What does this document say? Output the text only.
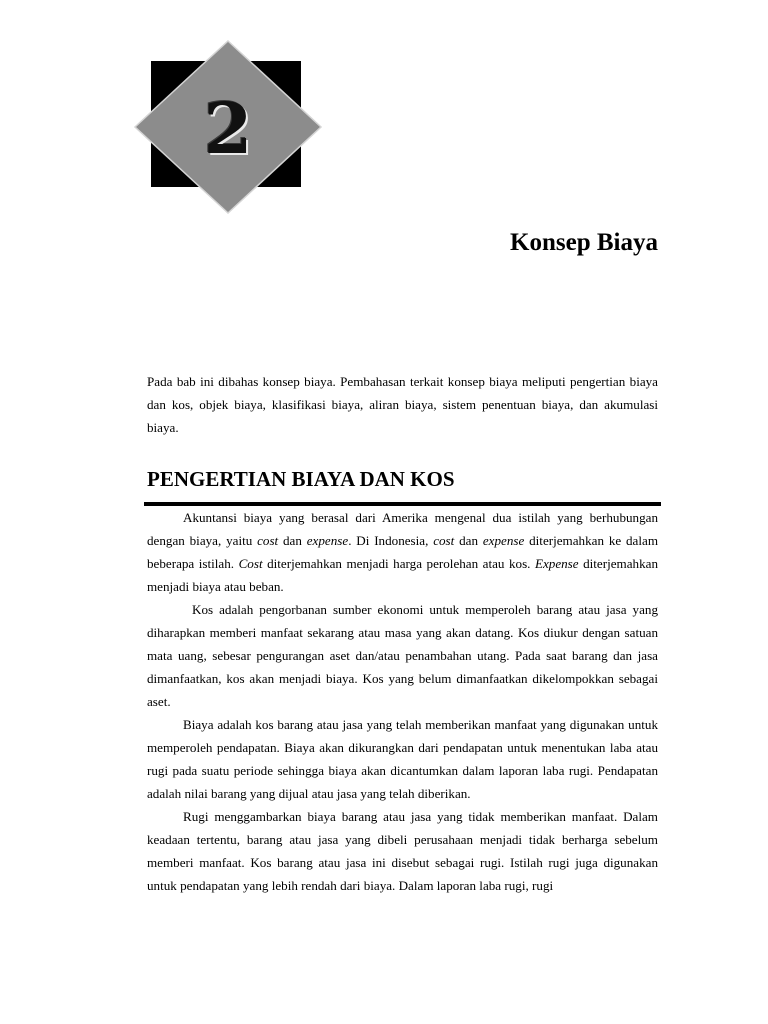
2
Konsep Biaya

Pada bab ini dibahas konsep biaya. Pembahasan terkait konsep biaya meliputi pengertian biaya dan kos, objek biaya, klasifikasi biaya, aliran biaya, sistem penentuan biaya, dan akumulasi biaya.

PENGERTIAN BIAYA DAN KOS

Akuntansi biaya yang berasal dari Amerika mengenal dua istilah yang berhubungan dengan biaya, yaitu cost dan expense. Di Indonesia, cost dan expense diterjemahkan ke dalam beberapa istilah. Cost diterjemahkan menjadi harga perolehan atau kos. Expense diterjemahkan menjadi biaya atau beban.

Kos adalah pengorbanan sumber ekonomi untuk memperoleh barang atau jasa yang diharapkan memberi manfaat sekarang atau masa yang akan datang. Kos diukur dengan satuan mata uang, sebesar pengurangan aset dan/atau penambahan utang. Pada saat barang dan jasa dimanfaatkan, kos akan menjadi biaya. Kos yang belum dimanfaatkan dikelompokkan sebagai aset.

Biaya adalah kos barang atau jasa yang telah memberikan manfaat yang digunakan untuk memperoleh pendapatan. Biaya akan dikurangkan dari pendapatan untuk menentukan laba atau rugi pada suatu periode sehingga biaya akan dicantumkan dalam laporan laba rugi. Pendapatan adalah nilai barang yang dijual atau jasa yang telah diberikan.

Rugi menggambarkan biaya barang atau jasa yang tidak memberikan manfaat. Dalam keadaan tertentu, barang atau jasa yang dibeli perusahaan menjadi tidak berharga sebelum memberi manfaat. Kos barang atau jasa ini disebut sebagai rugi. Istilah rugi juga digunakan untuk pendapatan yang lebih rendah dari biaya. Dalam laporan laba rugi, rugi
